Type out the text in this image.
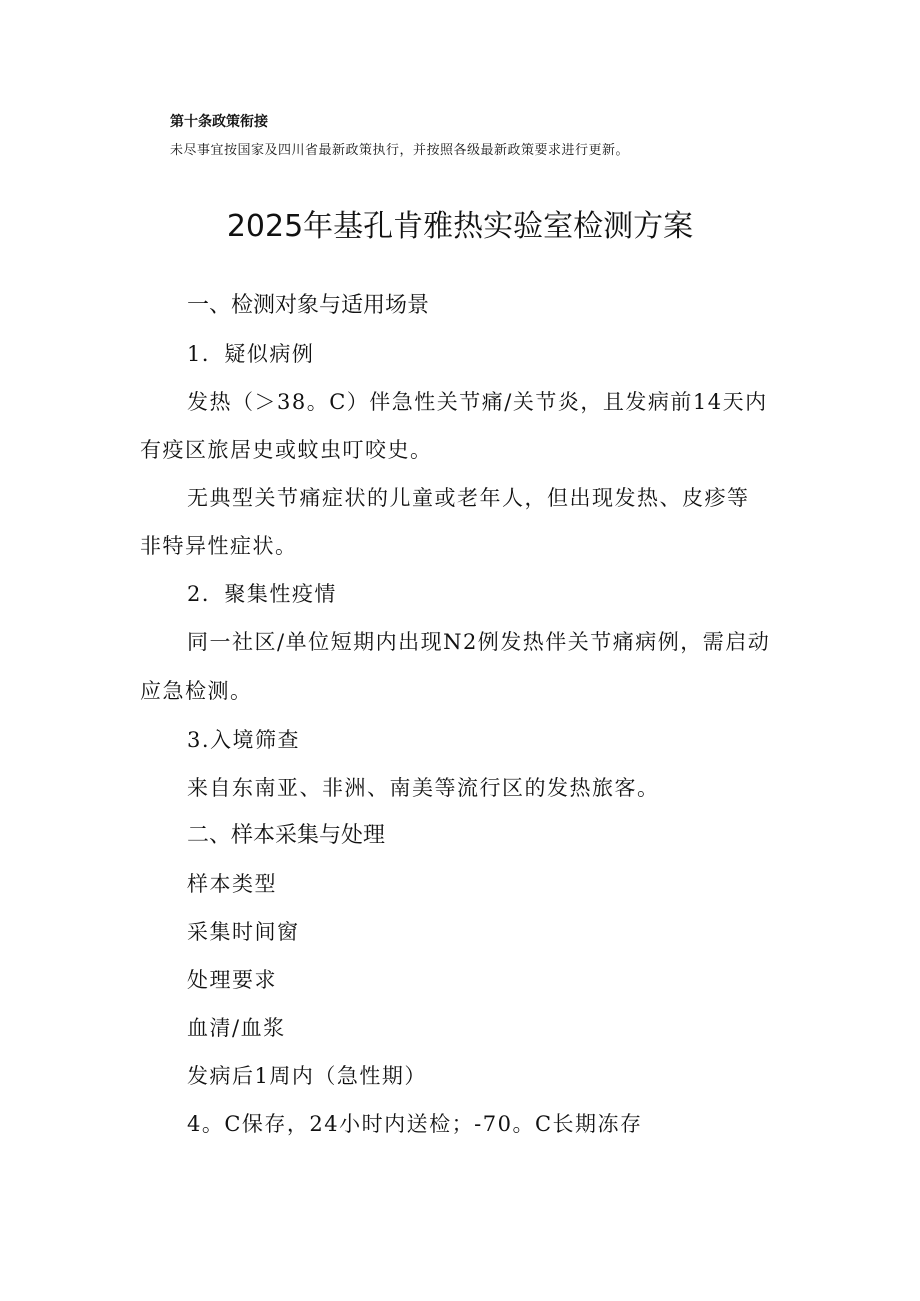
第十条政策衔接
未尽事宜按国家及四川省最新政策执行，并按照各级最新政策要求进行更新。
2025年基孔肯雅热实验室检测方案
一、检测对象与适用场景
1．疑似病例
发热（＞38。C）伴急性关节痛/关节炎，且发病前14天内
有疫区旅居史或蚊虫叮咬史。
无典型关节痛症状的儿童或老年人，但出现发热、皮疹等
非特异性症状。
2．聚集性疫情
同一社区/单位短期内出现N2例发热伴关节痛病例，需启动
应急检测。
3.入境筛查
来自东南亚、非洲、南美等流行区的发热旅客。
二、样本采集与处理
样本类型
采集时间窗
处理要求
血清/血浆
发病后1周内（急性期）
4。C保存，24小时内送检；-70。C长期冻存
